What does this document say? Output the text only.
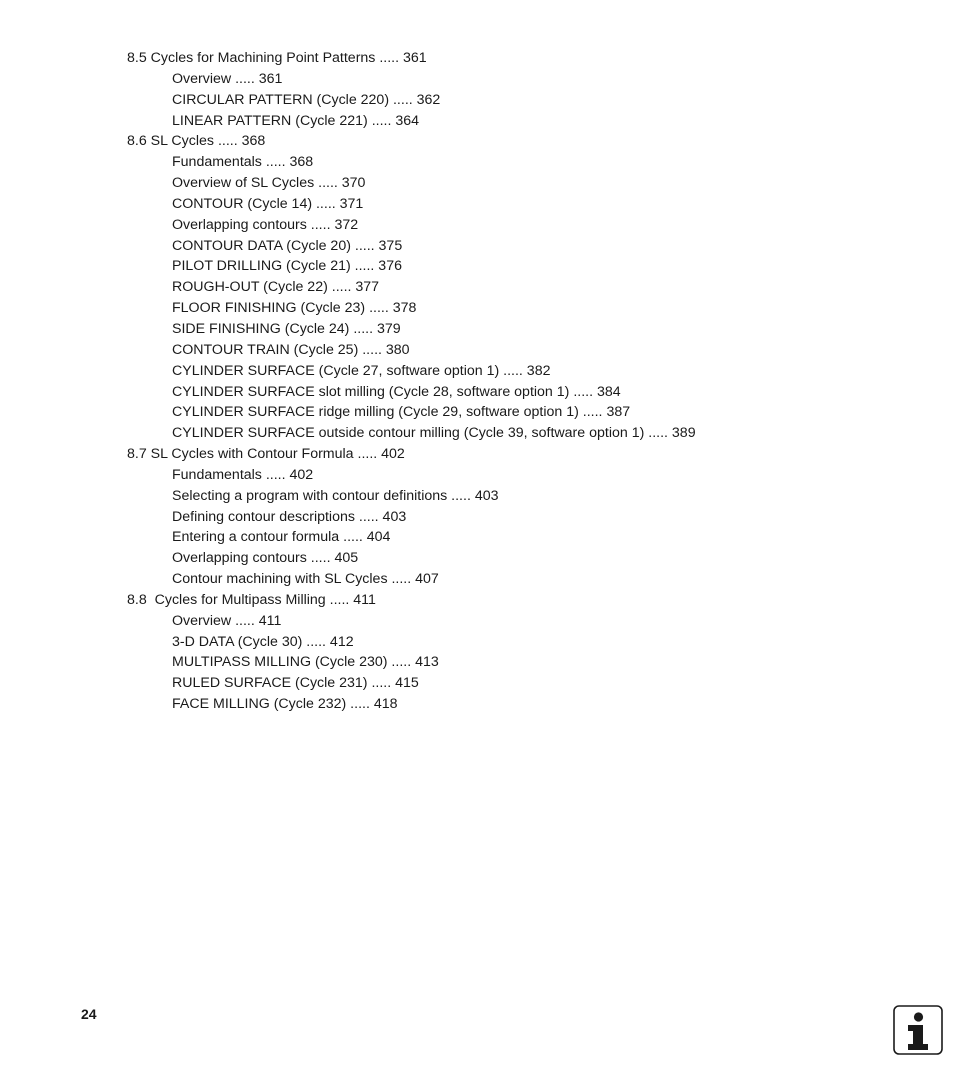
8.5 Cycles for Machining Point Patterns ..... 361
Overview ..... 361
CIRCULAR PATTERN (Cycle 220) ..... 362
LINEAR PATTERN (Cycle 221) ..... 364
8.6 SL Cycles ..... 368
Fundamentals ..... 368
Overview of SL Cycles ..... 370
CONTOUR (Cycle 14) ..... 371
Overlapping contours ..... 372
CONTOUR DATA (Cycle 20) ..... 375
PILOT DRILLING (Cycle 21) ..... 376
ROUGH-OUT (Cycle 22) ..... 377
FLOOR FINISHING (Cycle 23) ..... 378
SIDE FINISHING (Cycle 24) ..... 379
CONTOUR TRAIN (Cycle 25) ..... 380
CYLINDER SURFACE (Cycle 27, software option 1) ..... 382
CYLINDER SURFACE slot milling (Cycle 28, software option 1) ..... 384
CYLINDER SURFACE ridge milling (Cycle 29, software option 1) ..... 387
CYLINDER SURFACE outside contour milling (Cycle 39, software option 1) ..... 389
8.7 SL Cycles with Contour Formula ..... 402
Fundamentals ..... 402
Selecting a program with contour definitions ..... 403
Defining contour descriptions ..... 403
Entering a contour formula ..... 404
Overlapping contours ..... 405
Contour machining with SL Cycles ..... 407
8.8  Cycles for Multipass Milling ..... 411
Overview ..... 411
3-D DATA (Cycle 30) ..... 412
MULTIPASS MILLING (Cycle 230) ..... 413
RULED SURFACE (Cycle 231) ..... 415
FACE MILLING (Cycle 232) ..... 418
24
